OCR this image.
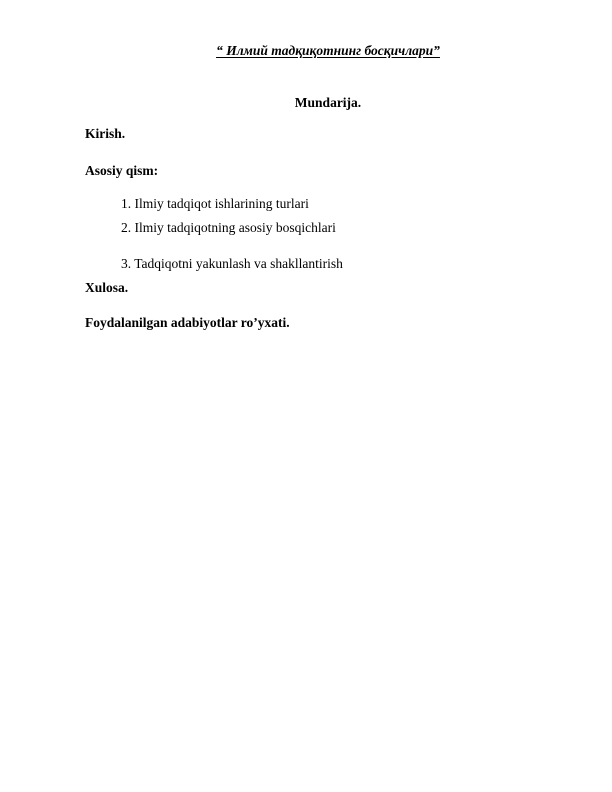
“ Илмий тадқиқотнинг босқичлари”
Mundarija.
Kirish.
Asosiy qism:
1. Ilmiy tadqiqot ishlarining turlari
2. Ilmiy tadqiqotning asosiy bosqichlari
3. Tadqiqotni yakunlash va shakllantirish
Xulosa.
Foydalanilgan adabiyotlar ro’yxati.
